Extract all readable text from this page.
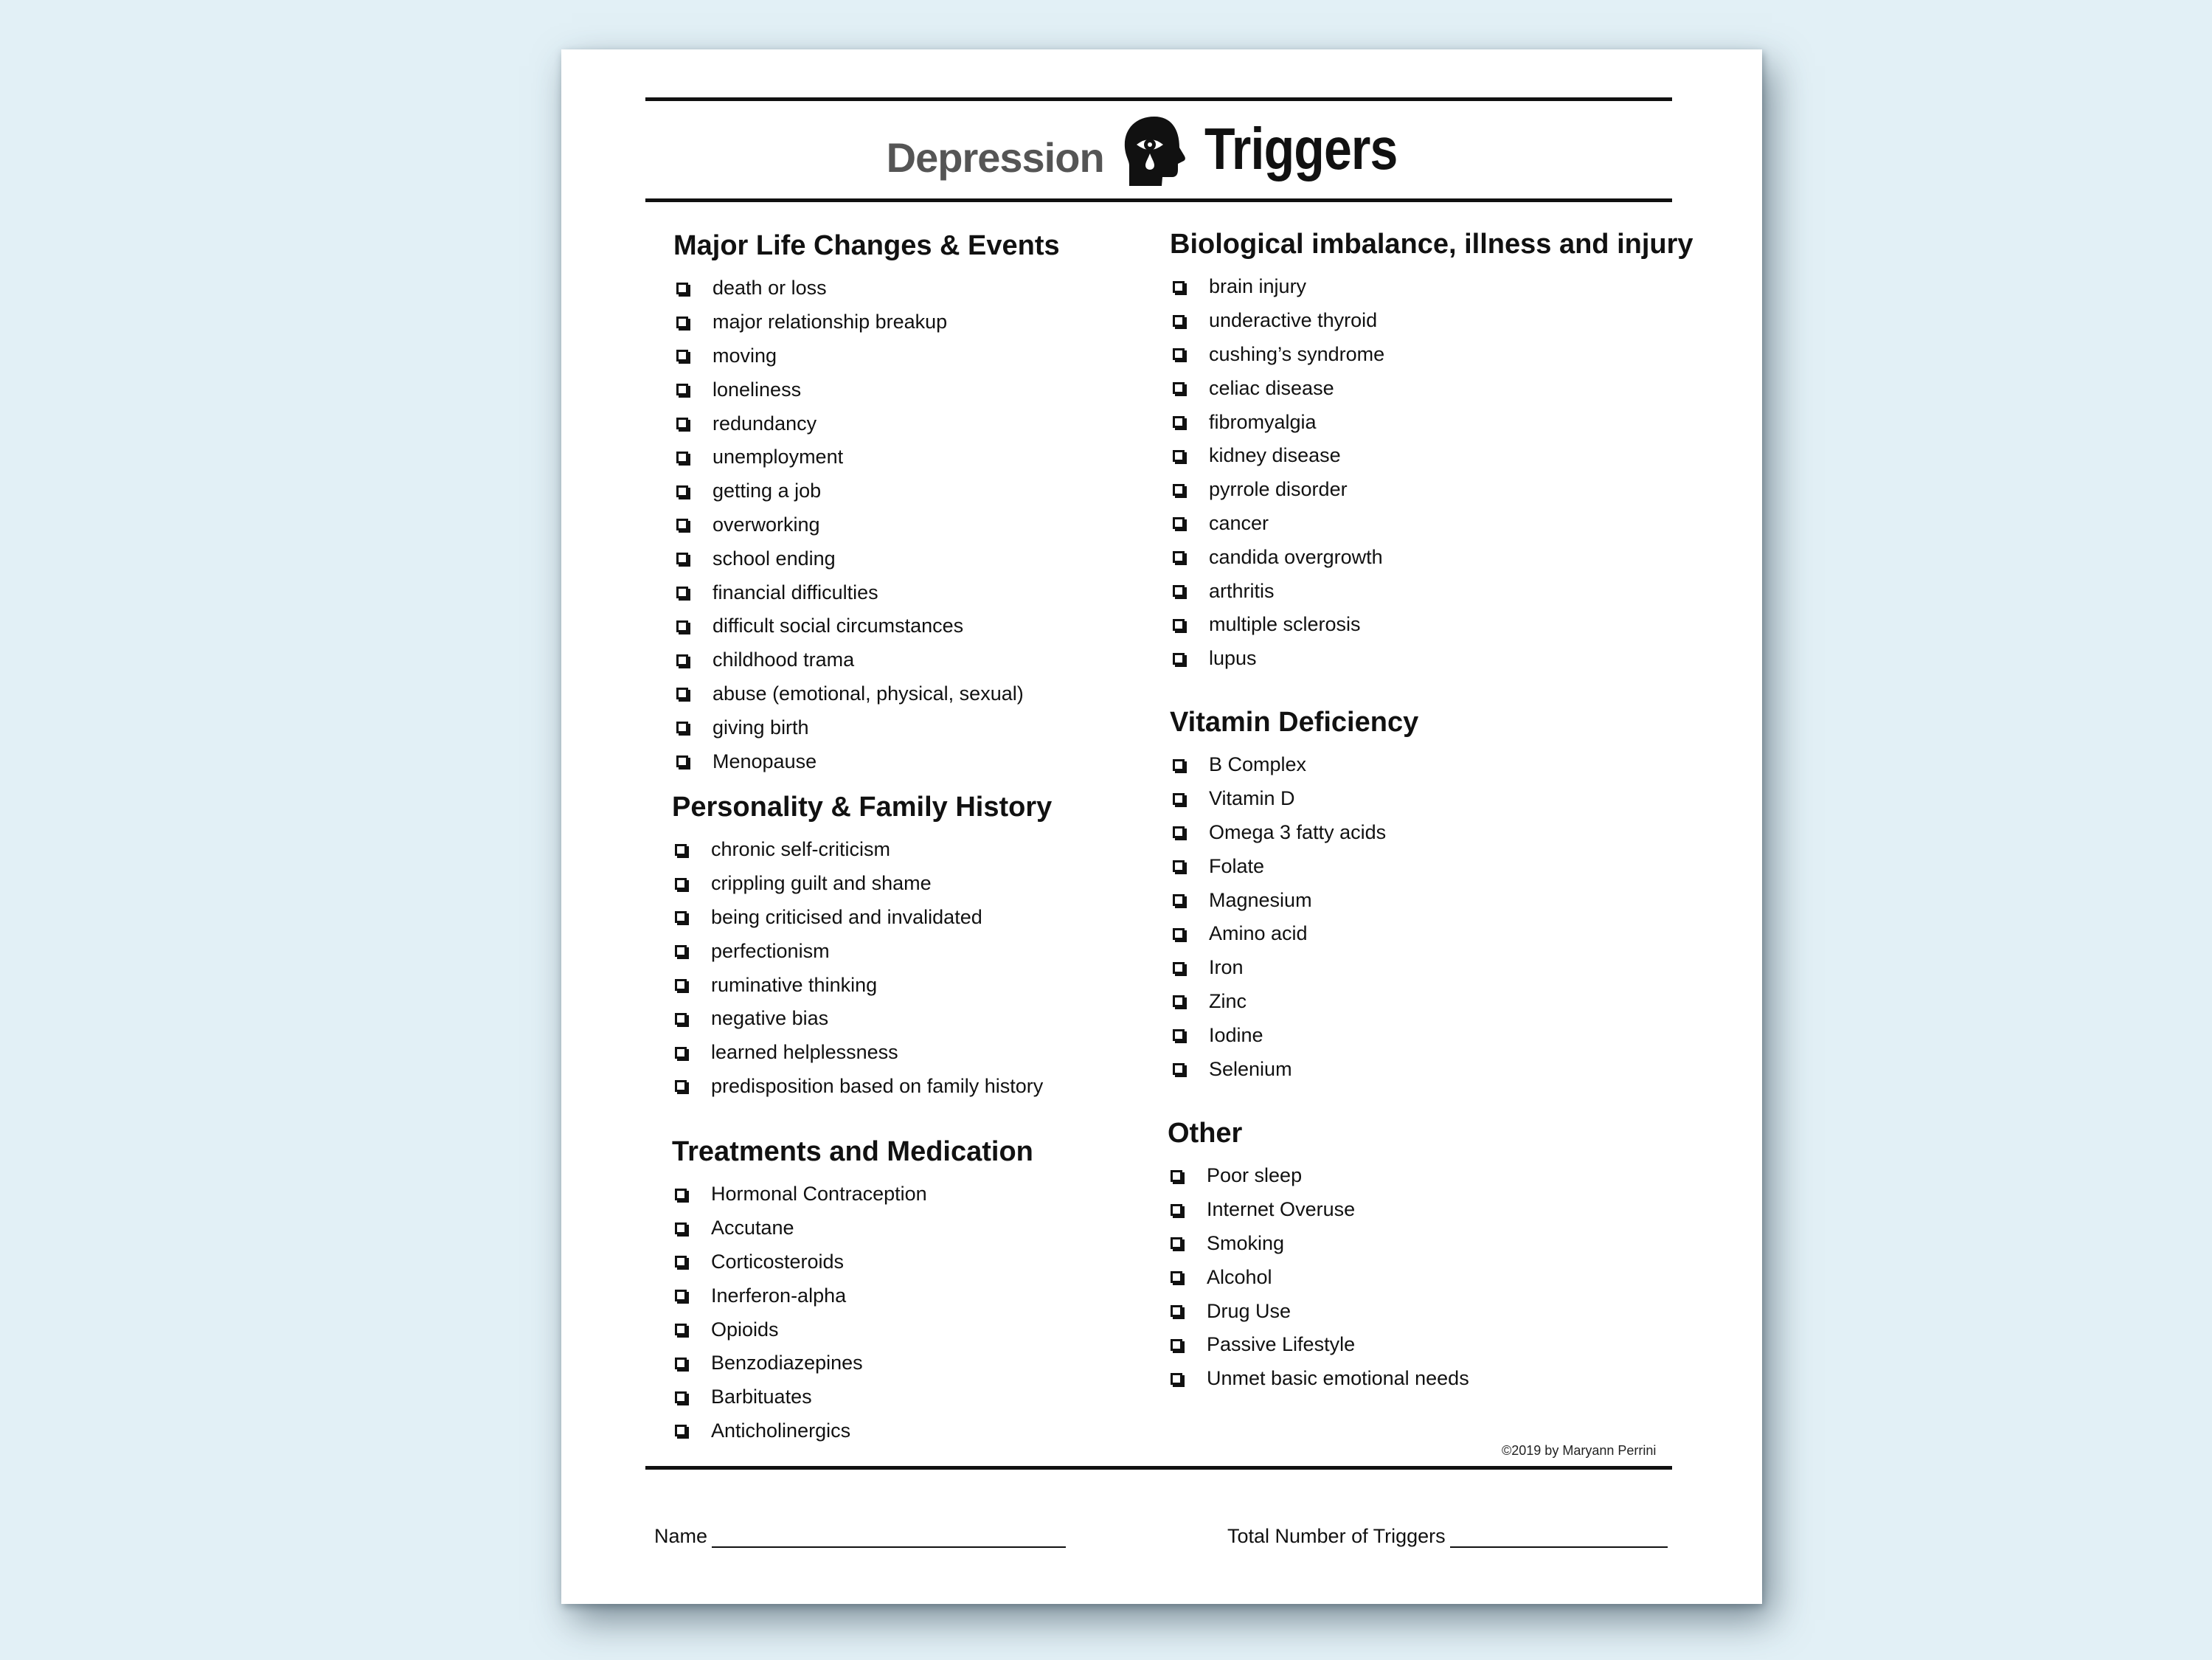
Depression Triggers
Major Life Changes & Events
death or loss
major relationship breakup
moving
loneliness
redundancy
unemployment
getting a job
overworking
school ending
financial difficulties
difficult social circumstances
childhood trama
abuse (emotional, physical, sexual)
giving birth
Menopause
Personality & Family History
chronic self-criticism
crippling guilt and shame
being criticised and invalidated
perfectionism
ruminative thinking
negative bias
learned helplessness
predisposition based on family history
Treatments and Medication
Hormonal Contraception
Accutane
Corticosteroids
Inerferon-alpha
Opioids
Benzodiazepines
Barbituates
Anticholinergics
Biological imbalance, illness and injury
brain injury
underactive thyroid
cushing’s syndrome
celiac disease
fibromyalgia
kidney disease
pyrrole disorder
cancer
candida overgrowth
arthritis
multiple sclerosis
lupus
Vitamin Deficiency
B Complex
Vitamin D
Omega 3 fatty acids
Folate
Magnesium
Amino acid
Iron
Zinc
Iodine
Selenium
Other
Poor sleep
Internet Overuse
Smoking
Alcohol
Drug Use
Passive Lifestyle
Unmet basic emotional needs
©2019 by Maryann Perrini
Name	Total Number of Triggers
